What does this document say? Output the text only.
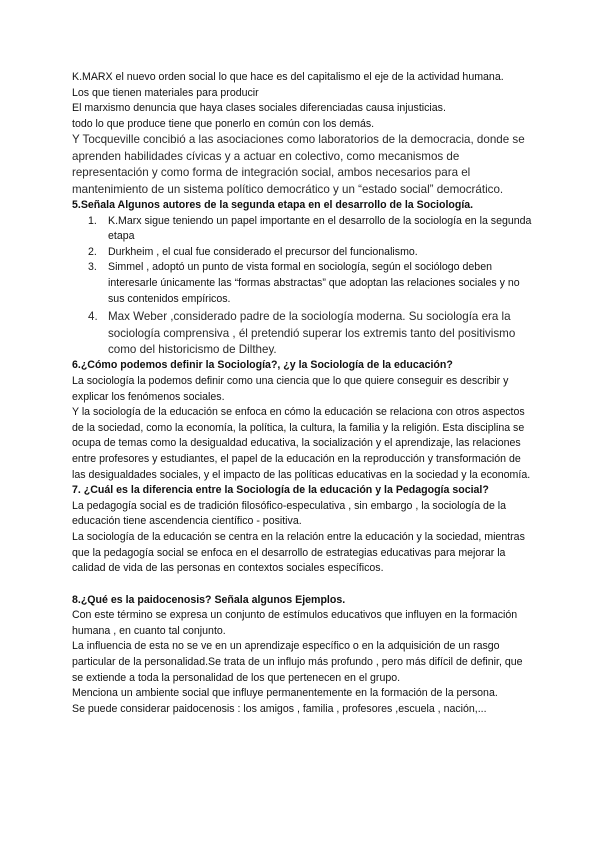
K.MARX el nuevo orden social lo que hace es del capitalismo el eje de la actividad humana.

Los que tienen materiales para producir

El marxismo denuncia que haya clases sociales diferenciadas causa injusticias.

todo lo que produce tiene que ponerlo en común con los demás.

Y Tocqueville concibió a las asociaciones como laboratorios de la democracia, donde se aprenden habilidades cívicas y a actuar en colectivo, como mecanismos de representación y como forma de integración social, ambos necesarios para el mantenimiento de un sistema político democrático y un “estado social” democrático.

5.Señala Algunos autores de la segunda etapa en el desarrollo de la Sociología.

1. K.Marx sigue teniendo un papel importante en el desarrollo de la sociología en la segunda etapa
2. Durkheim , el cual fue considerado el precursor del funcionalismo.
3. Simmel , adoptó un punto de vista formal en sociología, según el sociólogo deben interesarle únicamente las “formas abstractas” que adoptan las relaciones sociales y no sus contenidos empíricos.
4. Max Weber ,considerado padre de la sociología moderna. Su sociología era la sociología comprensiva , él pretendió superar los extremis tanto del positivismo como del historicismo de Dilthey.

6.¿Cómo podemos definir la Sociología?, ¿y la Sociología de la educación?

La sociología la podemos definir como una ciencia que lo que quiere conseguir es describir y explicar los fenómenos sociales.

Y la sociología de la educación se enfoca en cómo la educación se relaciona con otros aspectos de la sociedad, como la economía, la política, la cultura, la familia y la religión. Esta disciplina se ocupa de temas como la desigualdad educativa, la socialización y el aprendizaje, las relaciones entre profesores y estudiantes, el papel de la educación en la reproducción y transformación de las desigualdades sociales, y el impacto de las políticas educativas en la sociedad y la economía.

7. ¿Cuál es la diferencia entre la Sociología de la educación y la Pedagogía social?

La pedagogía social es de tradición filosófico-especulativa , sin embargo , la sociología de la educación tiene ascendencia científico - positiva.

La sociología de la educación se centra en la relación entre la educación y la sociedad, mientras que la pedagogía social se enfoca en el desarrollo de estrategias educativas para mejorar la calidad de vida de las personas en contextos sociales específicos.

8.¿Qué es la paidocenosis? Señala algunos Ejemplos.

Con este término se expresa un conjunto de estímulos educativos que influyen en la formación humana , en cuanto tal conjunto.

La influencia de esta no se ve en un aprendizaje específico o en la adquisición de un rasgo particular de la personalidad.Se trata de un influjo más profundo , pero más difícil de definir, que se extiende a toda la personalidad de los que pertenecen en el grupo.

Menciona un ambiente social que influye permanentemente en la formación de la persona.

Se puede considerar paidocenosis : los amigos , familia , profesores ,escuela , nación,...
